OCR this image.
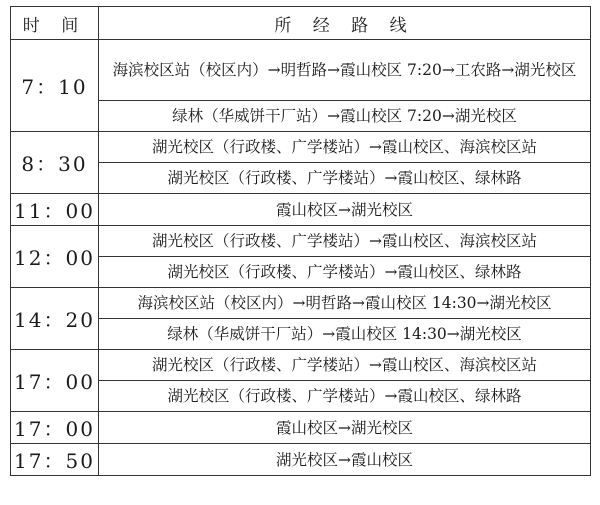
时 间	所 经 路 线
7：10	海滨校区站（校区内）→明哲路→霞山校区 7:20→工农路→湖光校区
	绿林（华威饼干厂站）→霞山校区 7:20→湖光校区
8：30	湖光校区（行政楼、广学楼站）→霞山校区、海滨校区站
	湖光校区（行政楼、广学楼站）→霞山校区、绿林路
11：00	霞山校区→湖光校区
12：00	湖光校区（行政楼、广学楼站）→霞山校区、海滨校区站
	湖光校区（行政楼、广学楼站）→霞山校区、绿林路
14：20	海滨校区站（校区内）→明哲路→霞山校区 14:30→湖光校区
	绿林（华威饼干厂站）→霞山校区 14:30→湖光校区
17：00	湖光校区（行政楼、广学楼站）→霞山校区、海滨校区站
	湖光校区（行政楼、广学楼站）→霞山校区、绿林路
17：00	霞山校区→湖光校区
17：50	湖光校区→霞山校区
